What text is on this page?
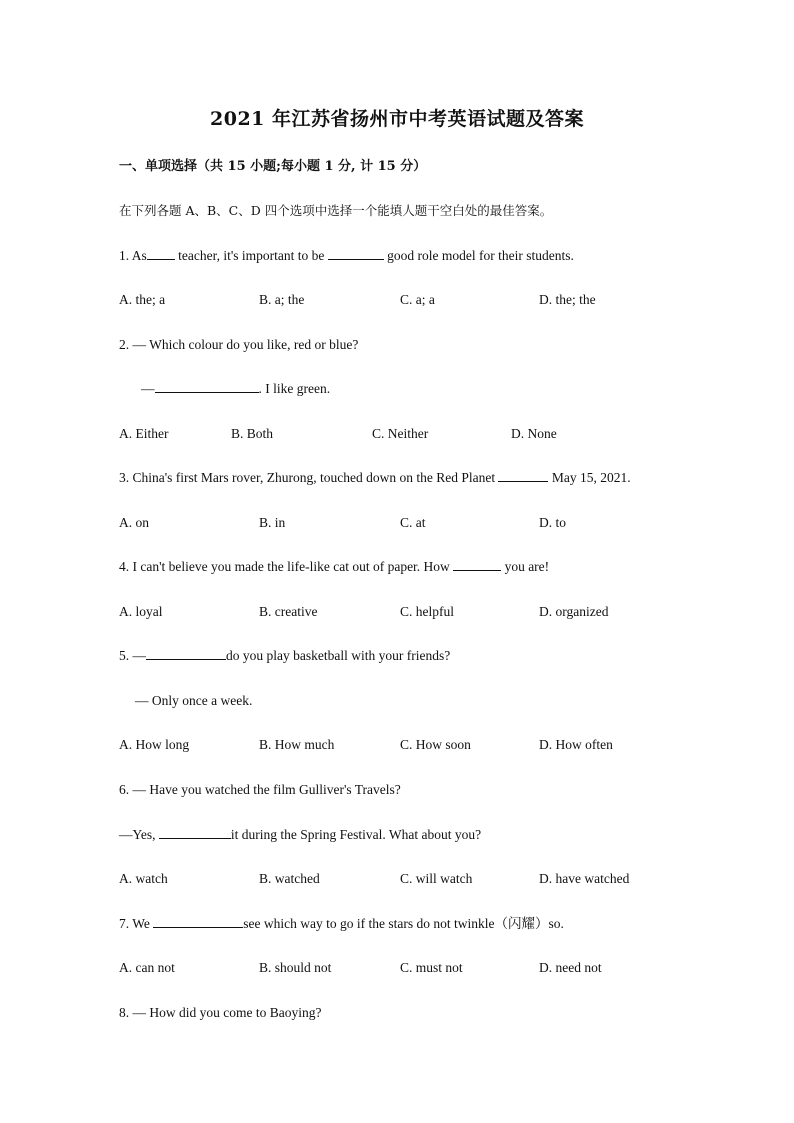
2021 年江苏省扬州市中考英语试题及答案
一、单项选择（共 15 小题;每小题 1 分, 计 15 分）
在下列各题 A、B、C、D 四个选项中选择一个能填人题干空白处的最佳答案。
1. As teacher, it's important to be	good role model for their students.
A. the; a	B. a; the	C. a; a	D. the; the
2. — Which colour do you like, red or blue?
—	. I like green.
A. Either	B. Both	C. Neither	D. None
3. China's first Mars rover, Zhurong, touched down on the Red Planet	May 15, 2021.
A. on	B. in	C. at	D. to
4. I can't believe you made the life-like cat out of paper. How	you are!
A. loyal	B. creative	C. helpful	D. organized
5. —	do you play basketball with your friends?
— Only once a week.
A. How long	B. How much	C. How soon	D. How often
6. — Have you watched the film Gulliver's Travels?
—Yes,	it during the Spring Festival. What about you?
A. watch	B. watched	C. will watch	D. have watched
7. We	see which way to go if the stars do not twinkle（闪耀）so.
A. can not	B. should not	C. must not	D. need not
8. — How did you come to Baoying?
